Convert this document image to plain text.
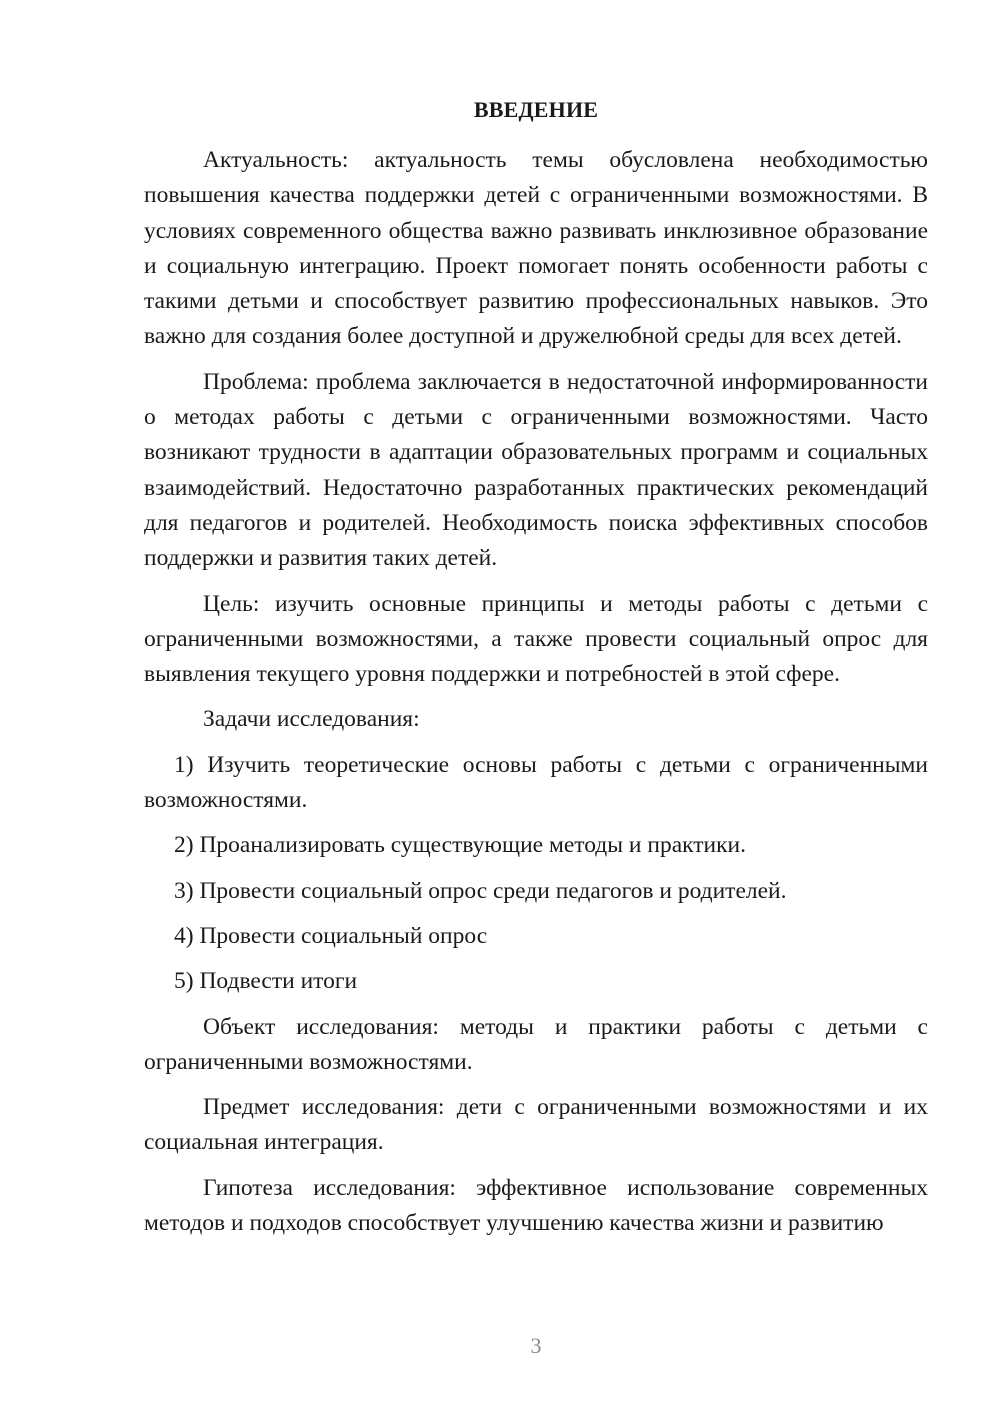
ВВЕДЕНИЕ

Актуальность: актуальность темы обусловлена необходимостью повышения качества поддержки детей с ограниченными возможностями. В условиях современного общества важно развивать инклюзивное образование и социальную интеграцию. Проект помогает понять особенности работы с такими детьми и способствует развитию профессиональных навыков. Это важно для создания более доступной и дружелюбной среды для всех детей.

Проблема: проблема заключается в недостаточной информированности о методах работы с детьми с ограниченными возможностями. Часто возникают трудности в адаптации образовательных программ и социальных взаимодействий. Недостаточно разработанных практических рекомендаций для педагогов и родителей. Необходимость поиска эффективных способов поддержки и развития таких детей.

Цель: изучить основные принципы и методы работы с детьми с ограниченными возможностями, а также провести социальный опрос для выявления текущего уровня поддержки и потребностей в этой сфере.

Задачи исследования:

1) Изучить теоретические основы работы с детьми с ограниченными возможностями.

2) Проанализировать существующие методы и практики.

3) Провести социальный опрос среди педагогов и родителей.

4) Провести социальный опрос

5) Подвести итоги

Объект исследования: методы и практики работы с детьми с ограниченными возможностями.

Предмет исследования: дети с ограниченными возможностями и их социальная интеграция.

Гипотеза исследования: эффективное использование современных методов и подходов способствует улучшению качества жизни и развитию

3
